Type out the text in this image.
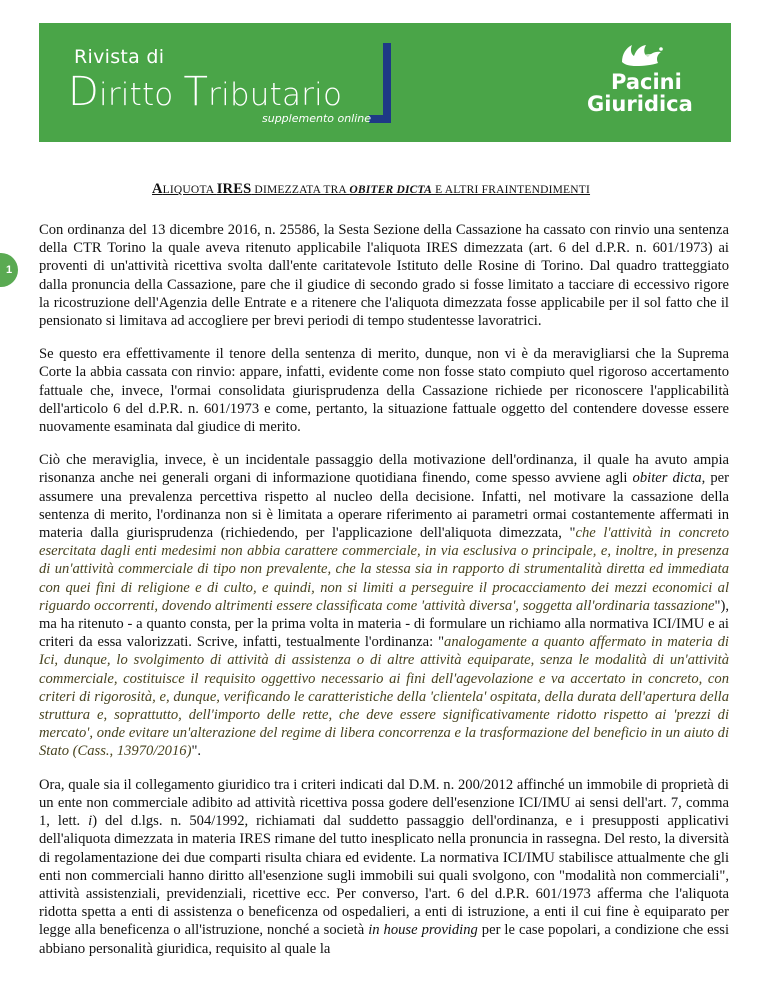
Rivista di
Diritto Tributario
supplemento online
Pacini
Giuridica
ALIQUOTA IRES DIMEZZATA TRA OBITER DICTA E ALTRI FRAINTENDIMENTI
1

Con ordinanza del 13 dicembre 2016, n. 25586, la Sesta Sezione della Cassazione ha cassato con rinvio una sentenza della CTR Torino la quale aveva ritenuto applicabile l'aliquota IRES dimezzata (art. 6 del d.P.R. n. 601/1973) ai proventi di un'attività ricettiva svolta dall'ente caritatevole Istituto delle Rosine di Torino. Dal quadro tratteggiato dalla pronuncia della Cassazione, pare che il giudice di secondo grado si fosse limitato a tacciare di eccessivo rigore la ricostruzione dell'Agenzia delle Entrate e a ritenere che l'aliquota dimezzata fosse applicabile per il sol fatto che il pensionato si limitava ad accogliere per brevi periodi di tempo studentesse lavoratrici.

Se questo era effettivamente il tenore della sentenza di merito, dunque, non vi è da meravigliarsi che la Suprema Corte la abbia cassata con rinvio: appare, infatti, evidente come non fosse stato compiuto quel rigoroso accertamento fattuale che, invece, l'ormai consolidata giurisprudenza della Cassazione richiede per riconoscere l'applicabilità dell'articolo 6 del d.P.R. n. 601/1973 e come, pertanto, la situazione fattuale oggetto del contendere dovesse essere nuovamente esaminata dal giudice di merito.

Ciò che meraviglia, invece, è un incidentale passaggio della motivazione dell'ordinanza, il quale ha avuto ampia risonanza anche nei generali organi di informazione quotidiana finendo, come spesso avviene agli obiter dicta, per assumere una prevalenza percettiva rispetto al nucleo della decisione. Infatti, nel motivare la cassazione della sentenza di merito, l'ordinanza non si è limitata a operare riferimento ai parametri ormai costantemente affermati in materia dalla giurisprudenza (richiedendo, per l'applicazione dell'aliquota dimezzata, "che l'attività in concreto esercitata dagli enti medesimi non abbia carattere commerciale, in via esclusiva o principale, e, inoltre, in presenza di un'attività commerciale di tipo non prevalente, che la stessa sia in rapporto di strumentalità diretta ed immediata con quei fini di religione e di culto, e quindi, non si limiti a perseguire il procacciamento dei mezzi economici al riguardo occorrenti, dovendo altrimenti essere classificata come 'attività diversa', soggetta all'ordinaria tassazione"), ma ha ritenuto - a quanto consta, per la prima volta in materia - di formulare un richiamo alla normativa ICI/IMU e ai criteri da essa valorizzati. Scrive, infatti, testualmente l'ordinanza: "analogamente a quanto affermato in materia di Ici, dunque, lo svolgimento di attività di assistenza o di altre attività equiparate, senza le modalità di un'attività commerciale, costituisce il requisito oggettivo necessario ai fini dell'agevolazione e va accertato in concreto, con criteri di rigorosità, e, dunque, verificando le caratteristiche della 'clientela' ospitata, della durata dell'apertura della struttura e, soprattutto, dell'importo delle rette, che deve essere significativamente ridotto rispetto ai 'prezzi di mercato', onde evitare un'alterazione del regime di libera concorrenza e la trasformazione del beneficio in un aiuto di Stato (Cass., 13970/2016)".

Ora, quale sia il collegamento giuridico tra i criteri indicati dal D.M. n. 200/2012 affinché un immobile di proprietà di un ente non commerciale adibito ad attività ricettiva possa godere dell'esenzione ICI/IMU ai sensi dell'art. 7, comma 1, lett. i) del d.lgs. n. 504/1992, richiamati dal suddetto passaggio dell'ordinanza, e i presupposti applicativi dell'aliquota dimezzata in materia IRES rimane del tutto inesplicato nella pronuncia in rassegna. Del resto, la diversità di regolamentazione dei due comparti risulta chiara ed evidente. La normativa ICI/IMU stabilisce attualmente che gli enti non commerciali hanno diritto all'esenzione sugli immobili sui quali svolgono, con "modalità non commerciali", attività assistenziali, previdenziali, ricettive ecc. Per converso, l'art. 6 del d.P.R. 601/1973 afferma che l'aliquota ridotta spetta a enti di assistenza o beneficenza od ospedalieri, a enti di istruzione, a enti il cui fine è equiparato per legge alla beneficenza o all'istruzione, nonché a società in house providing per le case popolari, a condizione che essi abbiano personalità giuridica, requisito al quale la
